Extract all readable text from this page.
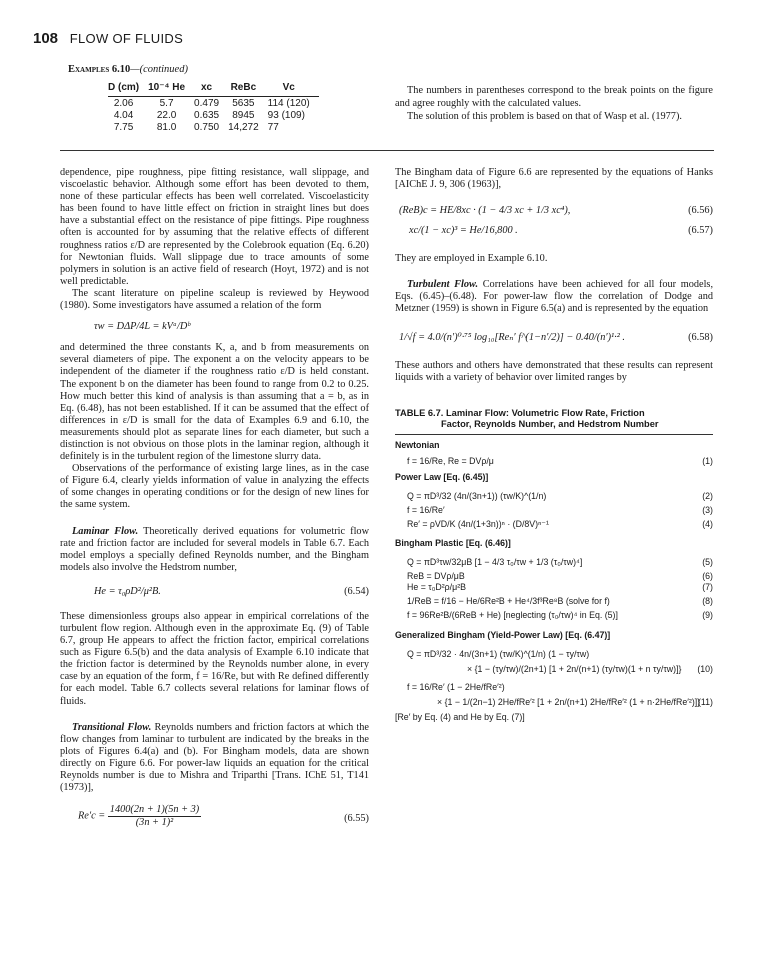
108 FLOW OF FLUIDS
Examples 6.10—(continued)
D (cm)	10⁻⁴ He	xc	ReBc	Vc
2.06	5.7	0.479	5635	114 (120)
4.04	22.0	0.635	8945	93 (109)
7.75	81.0	0.750	14,272	77

The numbers in parentheses correspond to the break points on the figure and agree roughly with the calculated values.

The solution of this problem is based on that of Wasp et al. (1977).

dependence, pipe roughness, pipe fitting resistance, wall slippage, and viscoelastic behavior. Although some effort has been devoted to them, none of these particular effects has been well correlated. Viscoelasticity has been found to have little effect on friction in straight lines but does have a substantial effect on the resistance of pipe fittings. Pipe roughness often is accounted for by assuming that the relative effects of different roughness ratios ε/D are represented by the Colebrook equation (Eq. 6.20) for Newtonian fluids. Wall slippage due to trace amounts of some polymers in solution is an active field of research (Hoyt, 1972) and is not well predictable.

The scant literature on pipeline scaleup is reviewed by Heywood (1980). Some investigators have assumed a relation of the form

τw = DΔP/4L = kVᵃ/Dᵇ

and determined the three constants K, a, and b from measurements on several diameters of pipe. The exponent a on the velocity appears to be independent of the diameter if the roughness ratio ε/D is held constant. The exponent b on the diameter has been found to range from 0.2 to 0.25. How much better this kind of analysis is than assuming that a = b, as in Eq. (6.48), has not been established. If it can be assumed that the effect of differences in ε/D is small for the data of Examples 6.9 and 6.10, the measurements should plot as separate lines for each diameter, but such a distinction is not obvious on those plots in the laminar region, although it definitely is in the turbulent region of the limestone slurry data.

Observations of the performance of existing large lines, as in the case of Figure 6.4, clearly yields information of value in analyzing the effects of some changes in operating conditions or for the design of new lines for the same system.

Laminar Flow. Theoretically derived equations for volumetric flow rate and friction factor are included for several models in Table 6.7. Each model employs a specially defined Reynolds number, and the Bingham models also involve the Hedstrom number,

He = τ₀ρD²/μ²B.	(6.54)

These dimensionless groups also appear in empirical correlations of the turbulent flow region. Although even in the approximate Eq. (9) of Table 6.7, group He appears to affect the friction factor, empirical correlations such as Figure 6.5(b) and the data analysis of Example 6.10 indicate that the friction factor is determined by the Reynolds number alone, in every case by an equation of the form, f = 16/Re, but with Re defined differently for each model. Table 6.7 collects several relations for laminar flows of fluids.

Transitional Flow. Reynolds numbers and friction factors at which the flow changes from laminar to turbulent are indicated by the breaks in the plots of Figures 6.4(a) and (b). For Bingham models, data are shown directly on Figure 6.6. For power-law liquids an equation for the critical Reynolds number is due to Mishra and Triparthi [Trans. IChE 51, T141 (1973)],

$Re'c = \frac{1400(2n + 1)(5n + 3)}{\text{(3n + 1)²}}$	(6.55)

The Bingham data of Figure 6.6 are represented by the equations of Hanks [AIChE J. 9, 306 (1963)],

(ReB)c = HE/8xc · (1 − 4/3 xc + 1/3 xc⁴),	(6.56)
xc/(1 − xc)³ = He/16,800 .	(6.57)

They are employed in Example 6.10.

Turbulent Flow. Correlations have been achieved for all four models, Eqs. (6.45)–(6.48). For power-law flow the correlation of Dodge and Metzner (1959) is shown in Figure 6.5(a) and is represented by the equation

1/√f = 4.0/(n′)⁰·⁷⁵ log₁₀[Reₙ′ f^(1−n′/2)] − 0.40/(n′)¹·² .	(6.58)

These authors and others have demonstrated that these results can represent liquids with a variety of behavior over limited ranges by

TABLE 6.7. Laminar Flow: Volumetric Flow Rate, Friction
Factor, Reynolds Number, and Hedstrom Number
Newtonian
f = 16/Re, Re = DVρ/μ	(1)
Power Law [Eq. (6.45)]
Q = πD³/32 (4n/(3n+1)) (τw/K)^(1/n)	(2)
f = 16/Re′	(3)
Re′ = ρVD/K (4n/(1+3n))ⁿ · (D/8V)ⁿ⁻¹	(4)
Bingham Plastic [Eq. (6.46)]
Q = πD³τw/32μB [1 − 4/3 τ₀/τw + 1/3 (τ₀/τw)⁴]	(5)
ReB = DVρ/μB	(6)
He = τ₀D²ρ/μ²B	(7)
1/ReB = f/16 − He/6Re²B + He⁴/3f³Re⁸B (solve for f)	(8)
f = 96Re²B/(6ReB + He) [neglecting (τ₀/τw)⁴ in Eq. (5)]	(9)
Generalized Bingham (Yield-Power Law) [Eq. (6.47)]
Q = πD³/32 · 4n/(3n+1) (τw/K)^(1/n) (1 − τy/τw)
× {1 − (τy/τw)/(2n+1) [1 + 2n/(n+1) (τy/τw)(1 + n τy/τw)]} (10)
f = 16/Re′ (1 − 2He/fRe′²)
× {1 − 1/(2n−1) 2He/fRe′² [1 + 2n/(n+1) 2He/fRe′² (1 + n·2He/fRe′²)]}
(11)
[Re′ by Eq. (4) and He by Eq. (7)]
